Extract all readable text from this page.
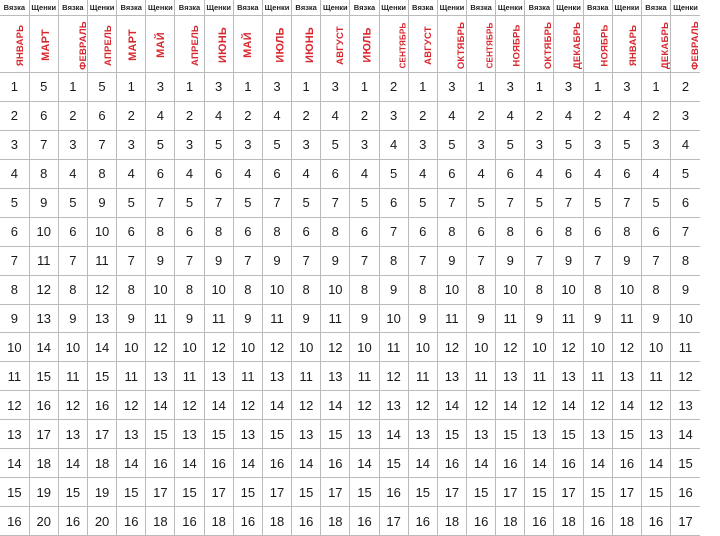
Вязка	Щенки	Вязка	Щенки	Вязка	Щенки	Вязка	Щенки	Вязка	Щенки	Вязка	Щенки	Вязка	Щенки	Вязка	Щенки	Вязка	Щенки	Вязка	Щенки	Вязка	Щенки	Вязка	Щенки
ЯНВАРЬ	МАРТ	ФЕВРАЛЬ	АПРЕЛЬ	МАРТ	МАЙ	АПРЕЛЬ	ИЮНЬ	МАЙ	ИЮЛЬ	ИЮНЬ	АВГУСТ	ИЮЛЬ	СЕНТЯБРЬ	АВГУСТ	ОКТЯБРЬ	СЕНТЯБРЬ	НОЯБРЬ	ОКТЯБРЬ	ДЕКАБРЬ	НОЯБРЬ	ЯНВАРЬ	ДЕКАБРЬ	ФЕВРАЛЬ
1	5	1	5	1	3	1	3	1	3	1	3	1	2	1	3	1	3	1	3	1	3	1	2
2	6	2	6	2	4	2	4	2	4	2	4	2	3	2	4	2	4	2	4	2	4	2	3
3	7	3	7	3	5	3	5	3	5	3	5	3	4	3	5	3	5	3	5	3	5	3	4
4	8	4	8	4	6	4	6	4	6	4	6	4	5	4	6	4	6	4	6	4	6	4	5
5	9	5	9	5	7	5	7	5	7	5	7	5	6	5	7	5	7	5	7	5	7	5	6
6	10	6	10	6	8	6	8	6	8	6	8	6	7	6	8	6	8	6	8	6	8	6	7
7	11	7	11	7	9	7	9	7	9	7	9	7	8	7	9	7	9	7	9	7	9	7	8
8	12	8	12	8	10	8	10	8	10	8	10	8	9	8	10	8	10	8	10	8	10	8	9
9	13	9	13	9	11	9	11	9	11	9	11	9	10	9	11	9	11	9	11	9	11	9	10
10	14	10	14	10	12	10	12	10	12	10	12	10	11	10	12	10	12	10	12	10	12	10	11
11	15	11	15	11	13	11	13	11	13	11	13	11	12	11	13	11	13	11	13	11	13	11	12
12	16	12	16	12	14	12	14	12	14	12	14	12	13	12	14	12	14	12	14	12	14	12	13
13	17	13	17	13	15	13	15	13	15	13	15	13	14	13	15	13	15	13	15	13	15	13	14
14	18	14	18	14	16	14	16	14	16	14	16	14	15	14	16	14	16	14	16	14	16	14	15
15	19	15	19	15	17	15	17	15	17	15	17	15	16	15	17	15	17	15	17	15	17	15	16
16	20	16	20	16	18	16	18	16	18	16	18	16	17	16	18	16	18	16	18	16	18	16	17
